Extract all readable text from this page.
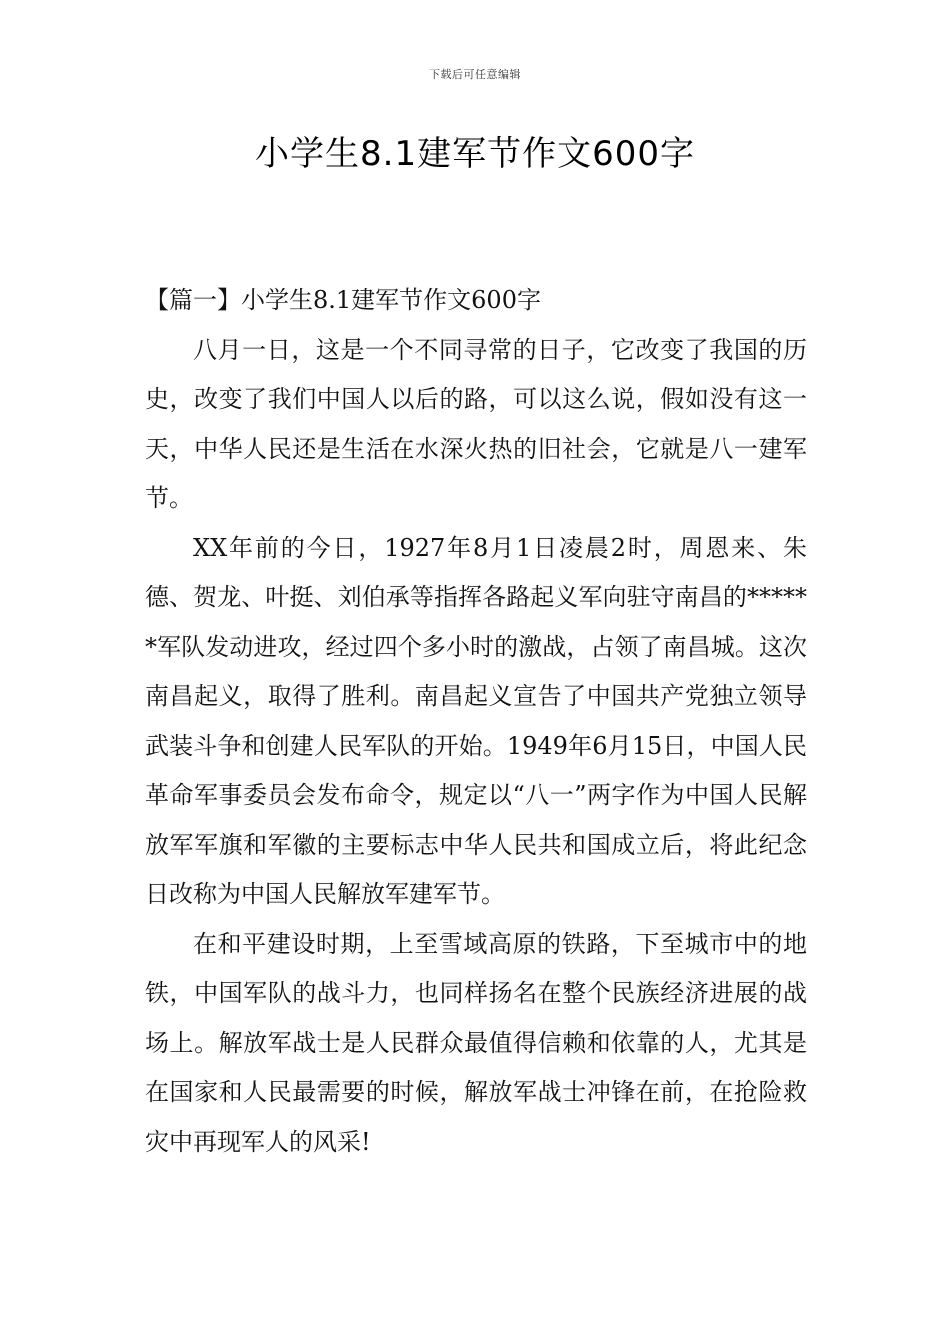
下载后可任意编辑
小学生8.1建军节作文600字

【篇一】小学生8.1建军节作文600字

八月一日，这是一个不同寻常的日子，它改变了我国的历史，改变了我们中国人以后的路，可以这么说，假如没有这一天，中华人民还是生活在水深火热的旧社会，它就是八一建军节。

XX年前的今日，1927年8月1日凌晨2时，周恩来、朱德、贺龙、叶挺、刘伯承等指挥各路起义军向驻守南昌的******军队发动进攻，经过四个多小时的激战，占领了南昌城。这次南昌起义，取得了胜利。南昌起义宣告了中国共产党独立领导武装斗争和创建人民军队的开始。1949年6月15日，中国人民革命军事委员会发布命令，规定以“八一”两字作为中国人民解放军军旗和军徽的主要标志中华人民共和国成立后，将此纪念日改称为中国人民解放军建军节。

在和平建设时期，上至雪域高原的铁路，下至城市中的地铁，中国军队的战斗力，也同样扬名在整个民族经济进展的战场上。解放军战士是人民群众最值得信赖和依靠的人，尤其是在国家和人民最需要的时候，解放军战士冲锋在前，在抢险救灾中再现军人的风采!
